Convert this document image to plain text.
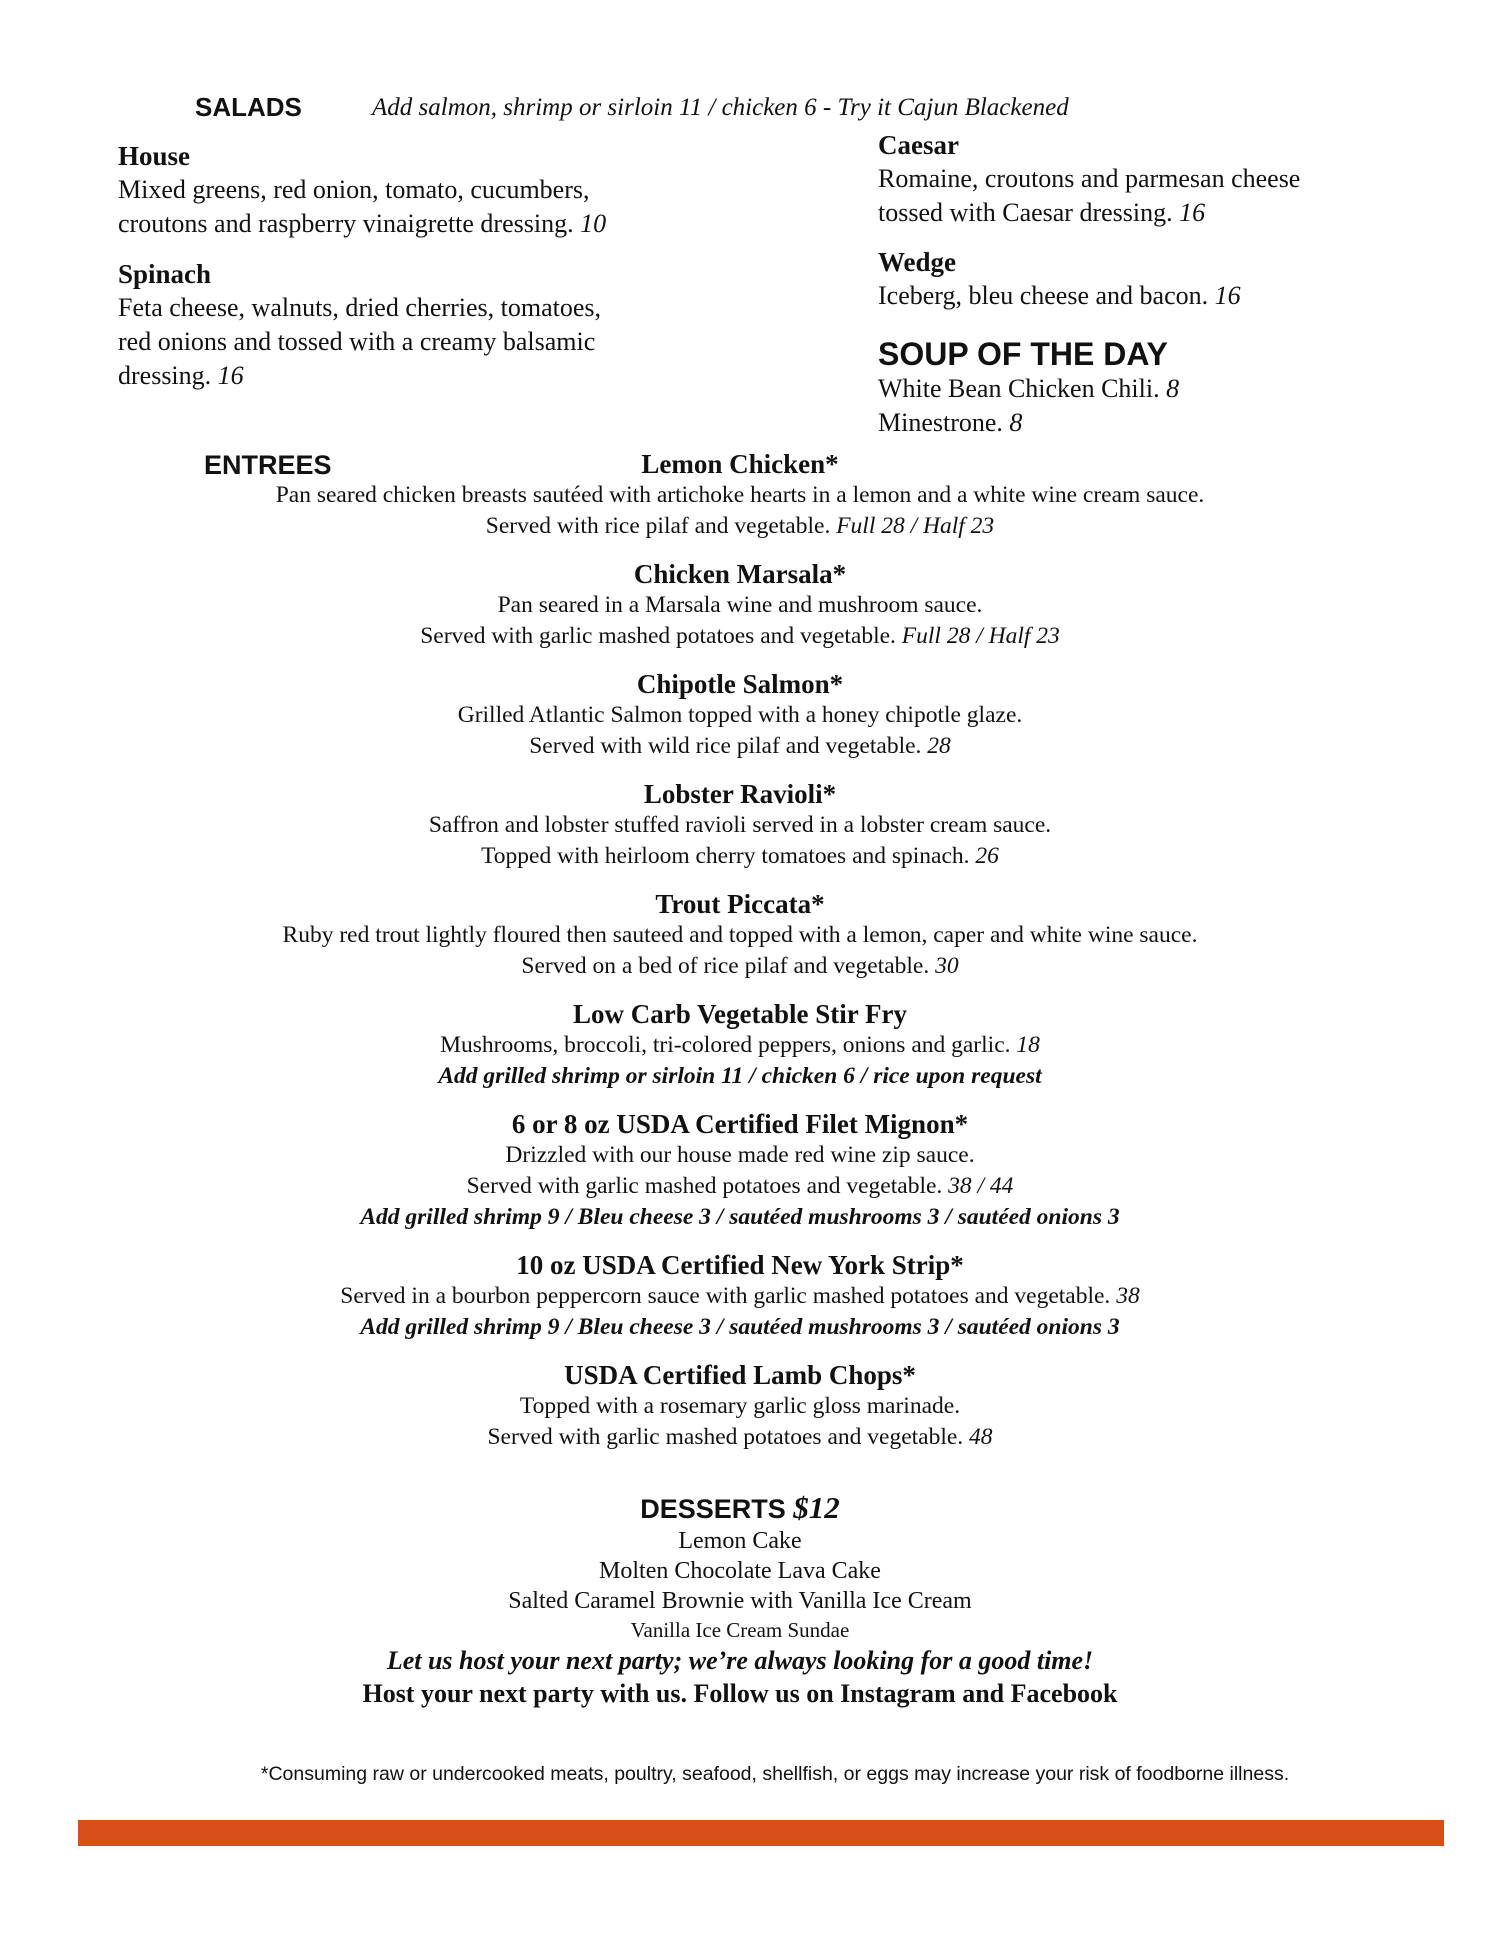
SALADS	Add salmon, shrimp or sirloin 11 / chicken 6 - Try it Cajun Blackened
House
Mixed greens, red onion, tomato, cucumbers,
croutons and raspberry vinaigrette dressing. 10
Spinach
Feta cheese, walnuts, dried cherries, tomatoes,
red onions and tossed with a creamy balsamic
dressing. 16
Caesar
Romaine, croutons and parmesan cheese
tossed with Caesar dressing. 16
Wedge
Iceberg, bleu cheese and bacon. 16
SOUP OF THE DAY
White Bean Chicken Chili. 8
Minestrone. 8
ENTREES	Lemon Chicken*
Pan seared chicken breasts sautéed with artichoke hearts in a lemon and a white wine cream sauce.
Served with rice pilaf and vegetable. Full 28 / Half 23
Chicken Marsala*
Pan seared in a Marsala wine and mushroom sauce.
Served with garlic mashed potatoes and vegetable. Full 28 / Half 23
Chipotle Salmon*
Grilled Atlantic Salmon topped with a honey chipotle glaze.
Served with wild rice pilaf and vegetable. 28
Lobster Ravioli*
Saffron and lobster stuffed ravioli served in a lobster cream sauce.
Topped with heirloom cherry tomatoes and spinach. 26
Trout Piccata*
Ruby red trout lightly floured then sauteed and topped with a lemon, caper and white wine sauce.
Served on a bed of rice pilaf and vegetable. 30
Low Carb Vegetable Stir Fry
Mushrooms, broccoli, tri-colored peppers, onions and garlic. 18
Add grilled shrimp or sirloin 11 / chicken 6 / rice upon request
6 or 8 oz USDA Certified Filet Mignon*
Drizzled with our house made red wine zip sauce.
Served with garlic mashed potatoes and vegetable. 38 / 44
Add grilled shrimp 9 / Bleu cheese 3 / sautéed mushrooms 3 / sautéed onions 3
10 oz USDA Certified New York Strip*
Served in a bourbon peppercorn sauce with garlic mashed potatoes and vegetable. 38
Add grilled shrimp 9 / Bleu cheese 3 / sautéed mushrooms 3 / sautéed onions 3
USDA Certified Lamb Chops*
Topped with a rosemary garlic gloss marinade.
Served with garlic mashed potatoes and vegetable. 48
DESSERTS $12
Lemon Cake
Molten Chocolate Lava Cake
Salted Caramel Brownie with Vanilla Ice Cream
Vanilla Ice Cream Sundae
Let us host your next party; we’re always looking for a good time!
Host your next party with us. Follow us on Instagram and Facebook
*Consuming raw or undercooked meats, poultry, seafood, shellfish, or eggs may increase your risk of foodborne illness.
